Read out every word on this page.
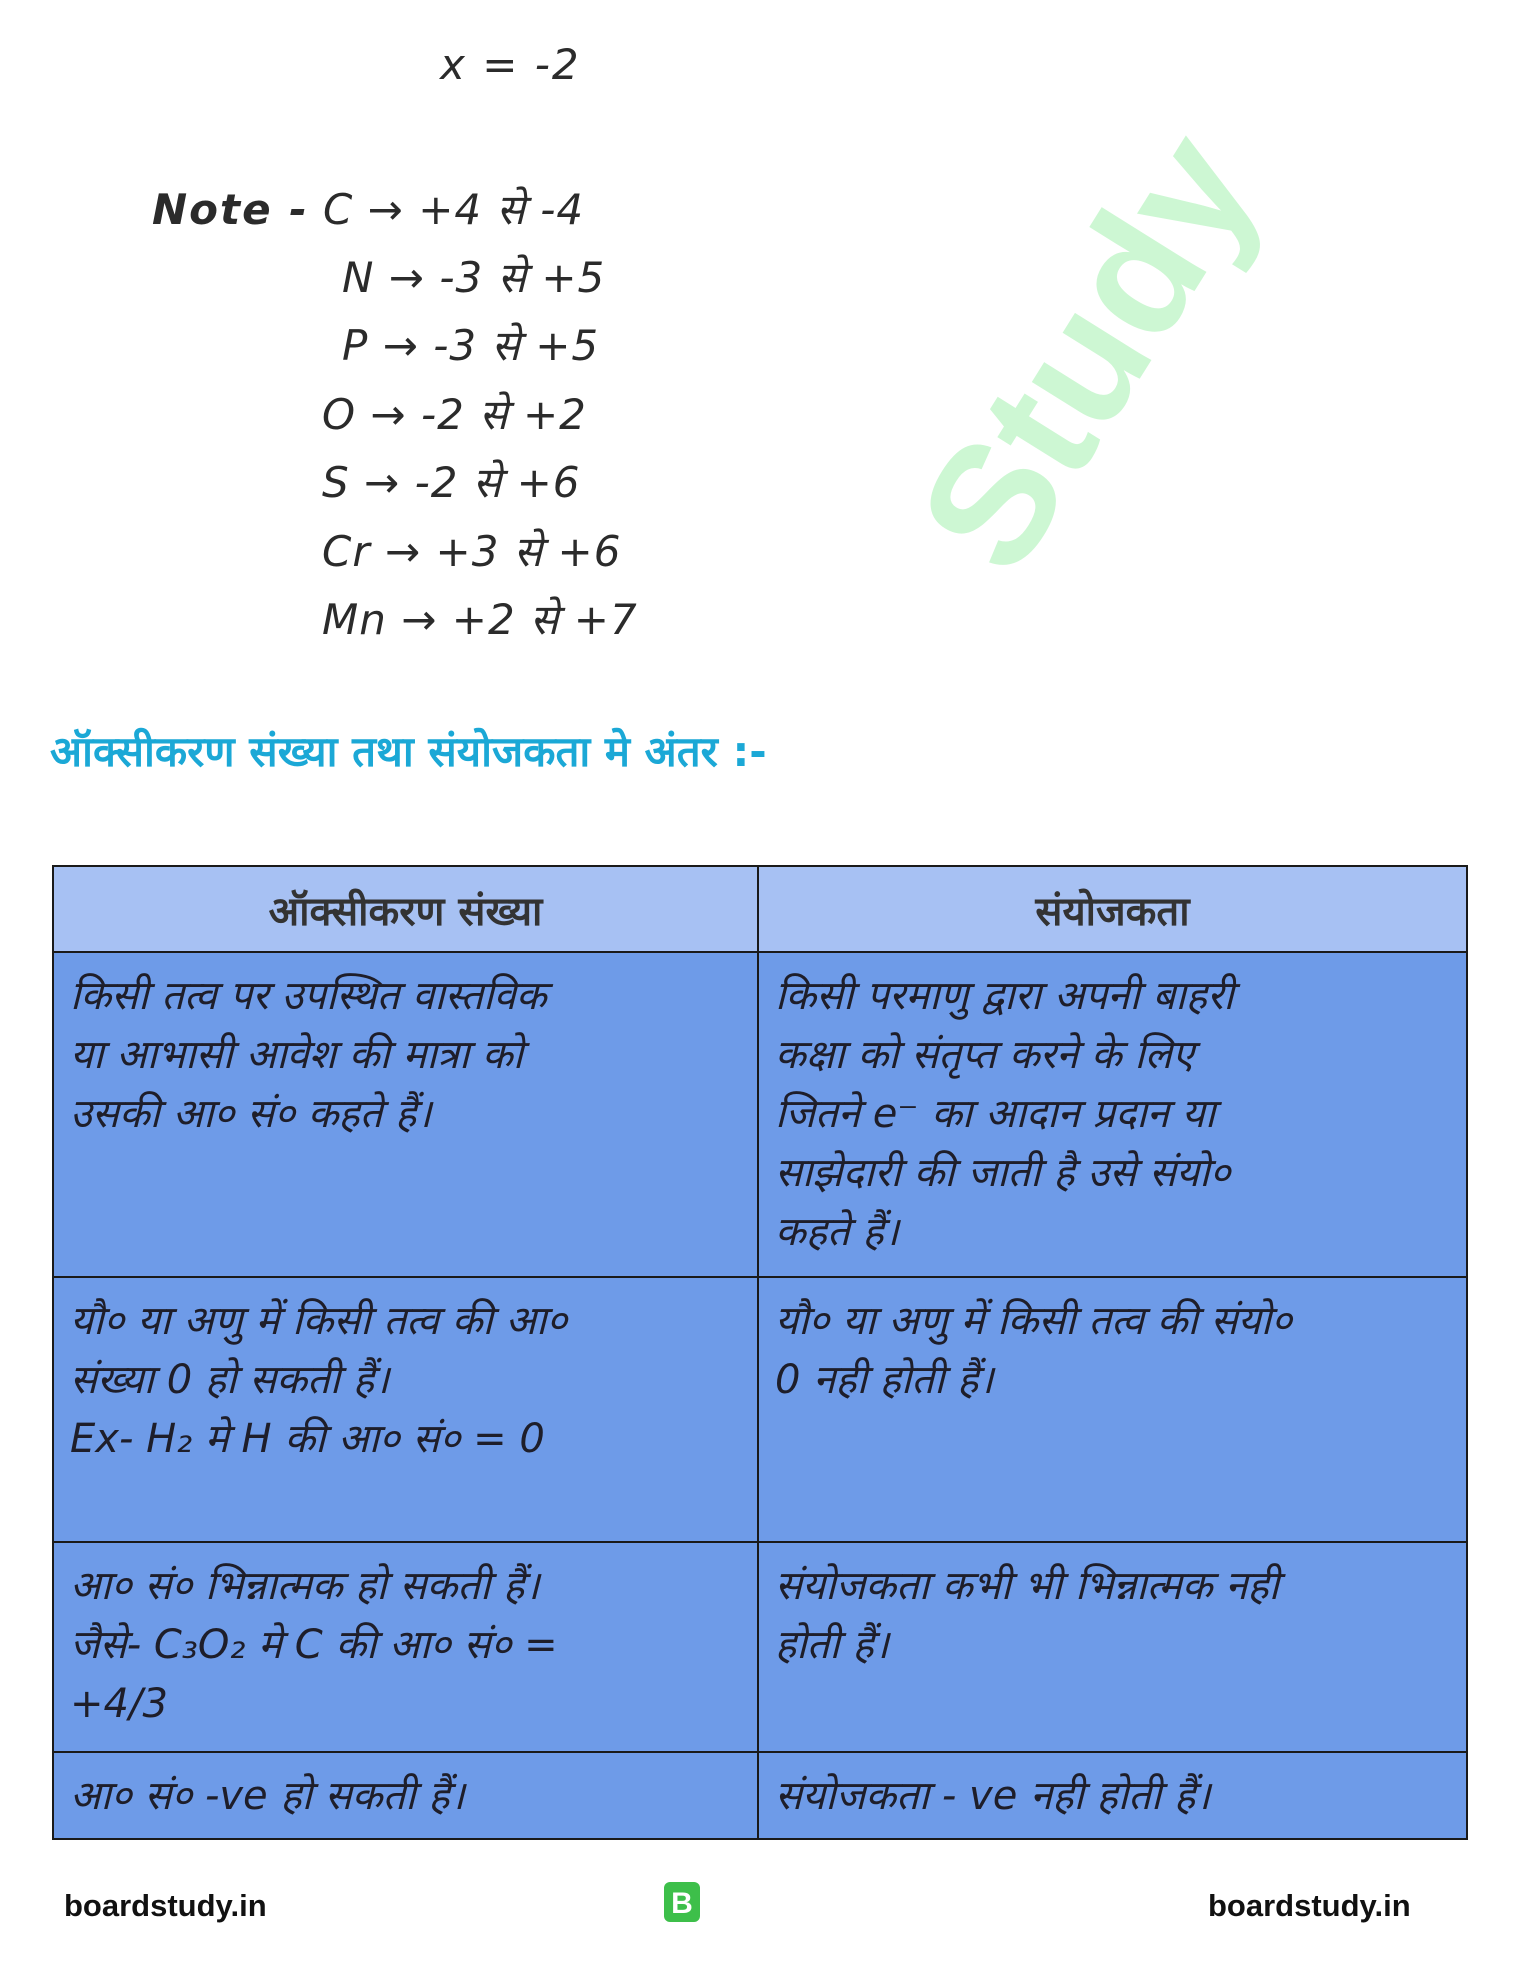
Study
x = -2
Note - C → +4 से -4
N → -3 से +5
P → -3 से +5
O → -2 से +2
S → -2 से +6
Cr → +3 से +6
Mn → +2 से +7
ऑक्सीकरण संख्या तथा संयोजकता मे अंतर :-
ऑक्सीकरण संख्या	संयोजकता

किसी तत्व पर उपस्थित वास्तविक
या आभासी आवेश की मात्रा को
उसकी आ० सं० कहते हैं।	किसी परमाणु द्वारा अपनी बाहरी
कक्षा को संतृप्त करने के लिए
जितने e⁻ का आदान प्रदान या
साझेदारी की जाती है उसे संयो०
कहते हैं।

यौ० या अणु में किसी तत्व की आ०
संख्या 0 हो सकती हैं।
Ex- H₂ मे H की आ० सं० = 0	यौ० या अणु में किसी तत्व की संयो०
0 नही होती हैं।

आ० सं० भिन्नात्मक हो सकती हैं।
जैसे- C₃O₂ मे C की आ० सं० =
+4/3	संयोजकता कभी भी भिन्नात्मक नही
होती हैं।

आ० सं० -ve हो सकती हैं।	संयोजकता - ve नही होती हैं।
boardstudy.in	B	boardstudy.in
